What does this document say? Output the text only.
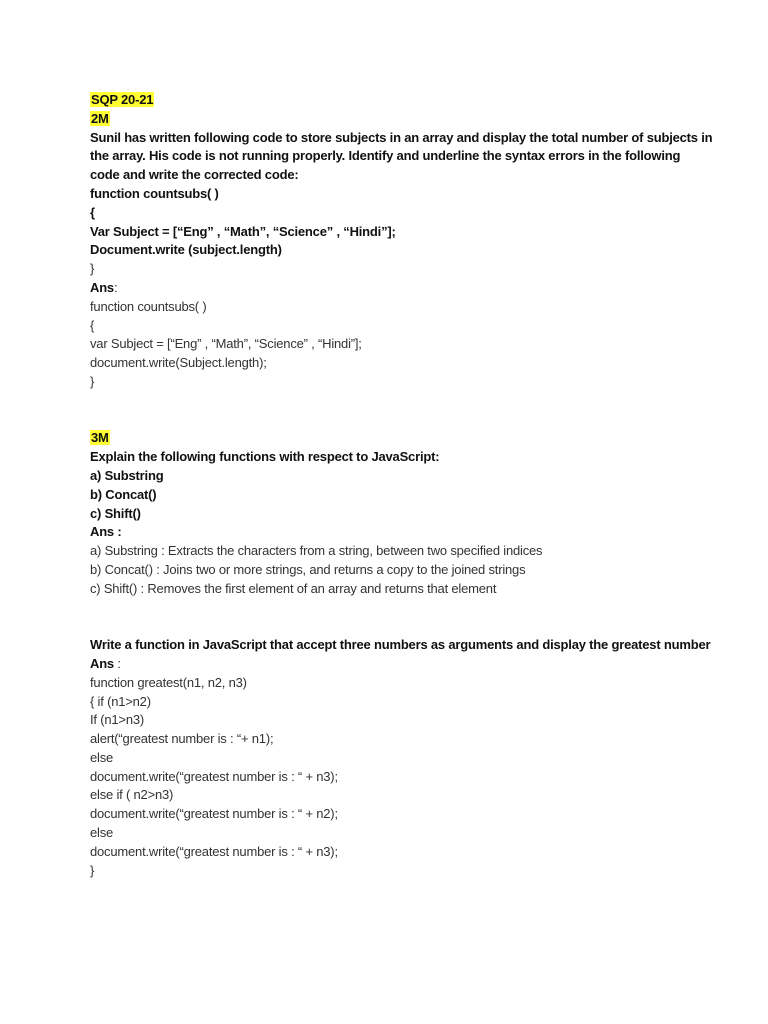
SQP 20-21
2M
Sunil has written following code to store subjects in an array and display the total number of subjects in
the array. His code is not running properly. Identify and underline the syntax errors in the following
code and write the corrected code:
function countsubs( )
{
Var Subject = [“Eng” , “Math”, “Science” , “Hindi”];
Document.write (subject.length)
}
Ans:
function countsubs( )
{
var Subject = [“Eng” , “Math”, “Science” , “Hindi”];
document.write(Subject.length);
}
3M
Explain the following functions with respect to JavaScript:
a) Substring
b) Concat()
c) Shift()
Ans :
a) Substring : Extracts the characters from a string, between two specified indices
b) Concat() : Joins two or more strings, and returns a copy to the joined strings
c) Shift() : Removes the first element of an array and returns that element
Write a function in JavaScript that accept three numbers as arguments and display the greatest number
Ans :
function greatest(n1, n2, n3)
{ if (n1>n2)
If (n1>n3)
alert(“greatest number is : “+ n1);
else
document.write(“greatest number is : “ + n3);
else if ( n2>n3)
document.write(“greatest number is : “ + n2);
else
document.write(“greatest number is : “ + n3);
}
